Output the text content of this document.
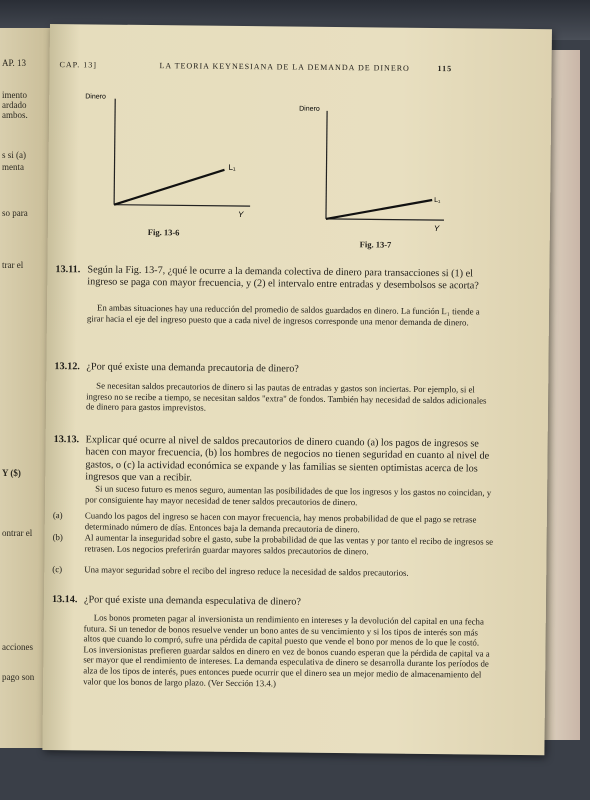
AP. 13
imento
ardado
ambos.
s si (a)
menta
so para
trar el
Y ($)
ontrar el
acciones
pago son
CAP. 13]	LA TEORIA KEYNESIANA DE LA DEMANDA DE DINERO	115
Dinero
L₁
Y
Fig. 13-6
Dinero
L₁
Y
Fig. 13-7
13.11. Según la Fig. 13-7, ¿qué le ocurre a la demanda colectiva de dinero para transacciones si (1) el ingreso se paga con mayor frecuencia, y (2) el intervalo entre entradas y desembolsos se acorta?
En ambas situaciones hay una reducción del promedio de saldos guardados en dinero. La función L₁ tiende a girar hacia el eje del ingreso puesto que a cada nivel de ingresos corresponde una menor demanda de dinero.
13.12. ¿Por qué existe una demanda precautoria de dinero?
Se necesitan saldos precautorios de dinero si las pautas de entradas y gastos son inciertas. Por ejemplo, si el ingreso no se recibe a tiempo, se necesitan saldos "extra" de fondos. También hay necesidad de saldos adicionales de dinero para gastos imprevistos.
13.13. Explicar qué ocurre al nivel de saldos precautorios de dinero cuando (a) los pagos de ingresos se hacen con mayor frecuencia, (b) los hombres de negocios no tienen seguridad en cuanto al nivel de gastos, o (c) la actividad económica se expande y las familias se sienten optimistas acerca de los ingresos que van a recibir.
Si un suceso futuro es menos seguro, aumentan las posibilidades de que los ingresos y los gastos no coincidan, y por consiguiente hay mayor necesidad de tener saldos precautorios de dinero.
(a)	Cuando los pagos del ingreso se hacen con mayor frecuencia, hay menos probabilidad de que el pago se retrase determinado número de días. Entonces baja la demanda precautoria de dinero.
(b) Al aumentar la inseguridad sobre el gasto, sube la probabilidad de que las ventas y por tanto el recibo de ingresos se retrasen. Los negocios preferirán guardar mayores saldos precautorios de dinero.
(c)	Una mayor seguridad sobre el recibo del ingreso reduce la necesidad de saldos precautorios.
13.14. ¿Por qué existe una demanda especulativa de dinero?
Los bonos prometen pagar al inversionista un rendimiento en intereses y la devolución del capital en una fecha futura. Si un tenedor de bonos resuelve vender un bono antes de su vencimiento y si los tipos de interés son más altos que cuando lo compró, sufre una pérdida de capital puesto que vende el bono por menos de lo que le costó. Los inversionistas prefieren guardar saldos en dinero en vez de bonos cuando esperan que la pérdida de capital va a ser mayor que el rendimiento de intereses. La demanda especulativa de dinero se desarrolla durante los períodos de alza de los tipos de interés, pues entonces puede ocurrir que el dinero sea un mejor medio de almacenamiento del valor que los bonos de largo plazo. (Ver Sección 13.4.)
